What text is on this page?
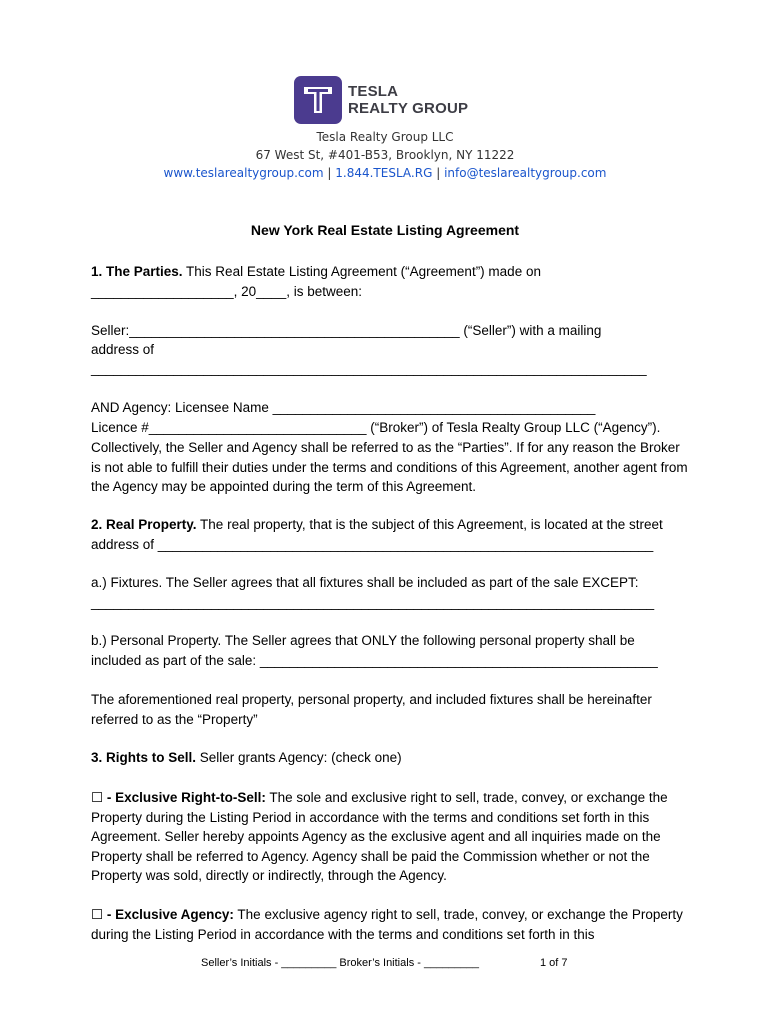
TESLA
REALTY GROUP
Tesla Realty Group LLC
67 West St, #401-B53, Brooklyn, NY 11222
www.teslarealtygroup.com | 1.844.TESLA.RG | info@teslarealtygroup.com
New York Real Estate Listing Agreement
1. The Parties. This Real Estate Listing Agreement (“Agreement”) made on
___________________, 20____, is between:
Seller:____________________________________________ (“Seller”) with a mailing
address of
__________________________________________________________________________
AND Agency: Licensee Name ___________________________________________
Licence #_____________________________ (“Broker”) of Tesla Realty Group LLC (“Agency”).
Collectively, the Seller and Agency shall be referred to as the “Parties”. If for any reason the Broker is not able to fulfill their duties under the terms and conditions of this Agreement, another agent from the Agency may be appointed during the term of this Agreement.
2. Real Property. The real property, that is the subject of this Agreement, is located at the street
address of __________________________________________________________________
a.) Fixtures. The Seller agrees that all fixtures shall be included as part of the sale EXCEPT:
___________________________________________________________________________
b.) Personal Property. The Seller agrees that ONLY the following personal property shall be
included as part of the sale: _____________________________________________________
The aforementioned real property, personal property, and included fixtures shall be hereinafter referred to as the “Property”
3. Rights to Sell. Seller grants Agency: (check one)
☐ - Exclusive Right-to-Sell: The sole and exclusive right to sell, trade, convey, or exchange the Property during the Listing Period in accordance with the terms and conditions set forth in this Agreement. Seller hereby appoints Agency as the exclusive agent and all inquiries made on the Property shall be referred to Agency. Agency shall be paid the Commission whether or not the Property was sold, directly or indirectly, through the Agency.
☐ - Exclusive Agency: The exclusive agency right to sell, trade, convey, or exchange the Property during the Listing Period in accordance with the terms and conditions set forth in this
Seller’s Initials - _________ Broker’s Initials - _________	1 of 7
